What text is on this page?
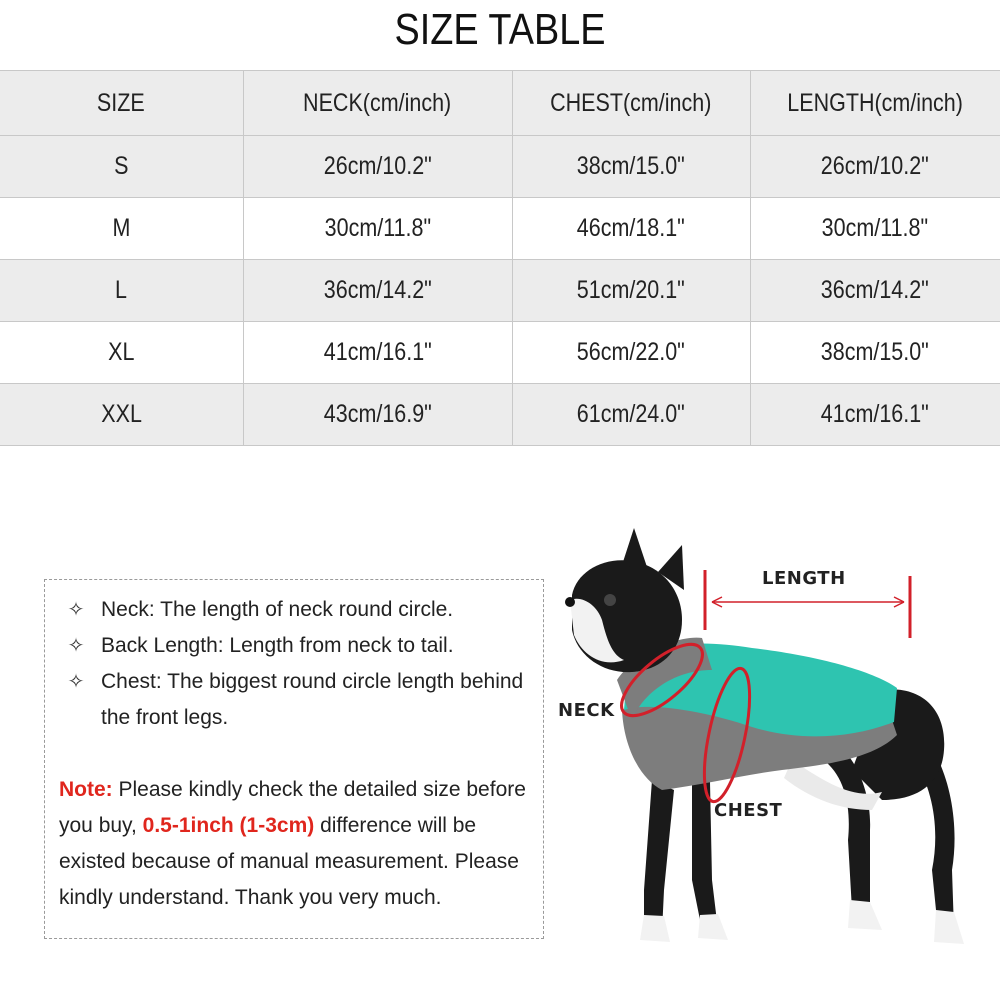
SIZE TABLE
SIZE	NECK(cm/inch)	CHEST(cm/inch)	LENGTH(cm/inch)
S	26cm/10.2"	38cm/15.0"	26cm/10.2"
M	30cm/11.8"	46cm/18.1"	30cm/11.8"
L	36cm/14.2"	51cm/20.1"	36cm/14.2"
XL	41cm/16.1"	56cm/22.0"	38cm/15.0"
XXL	43cm/16.9"	61cm/24.0"	41cm/16.1"
✧ Neck: The length of neck round circle.
✧ Back Length: Length from neck to tail.
✧ Chest: The biggest round circle length behind the front legs.

Note: Please kindly check the detailed size before you buy, 0.5-1inch (1-3cm) difference will be existed because of manual measurement. Please kindly understand. Thank you very much.

LENGTH
NECK
CHEST
